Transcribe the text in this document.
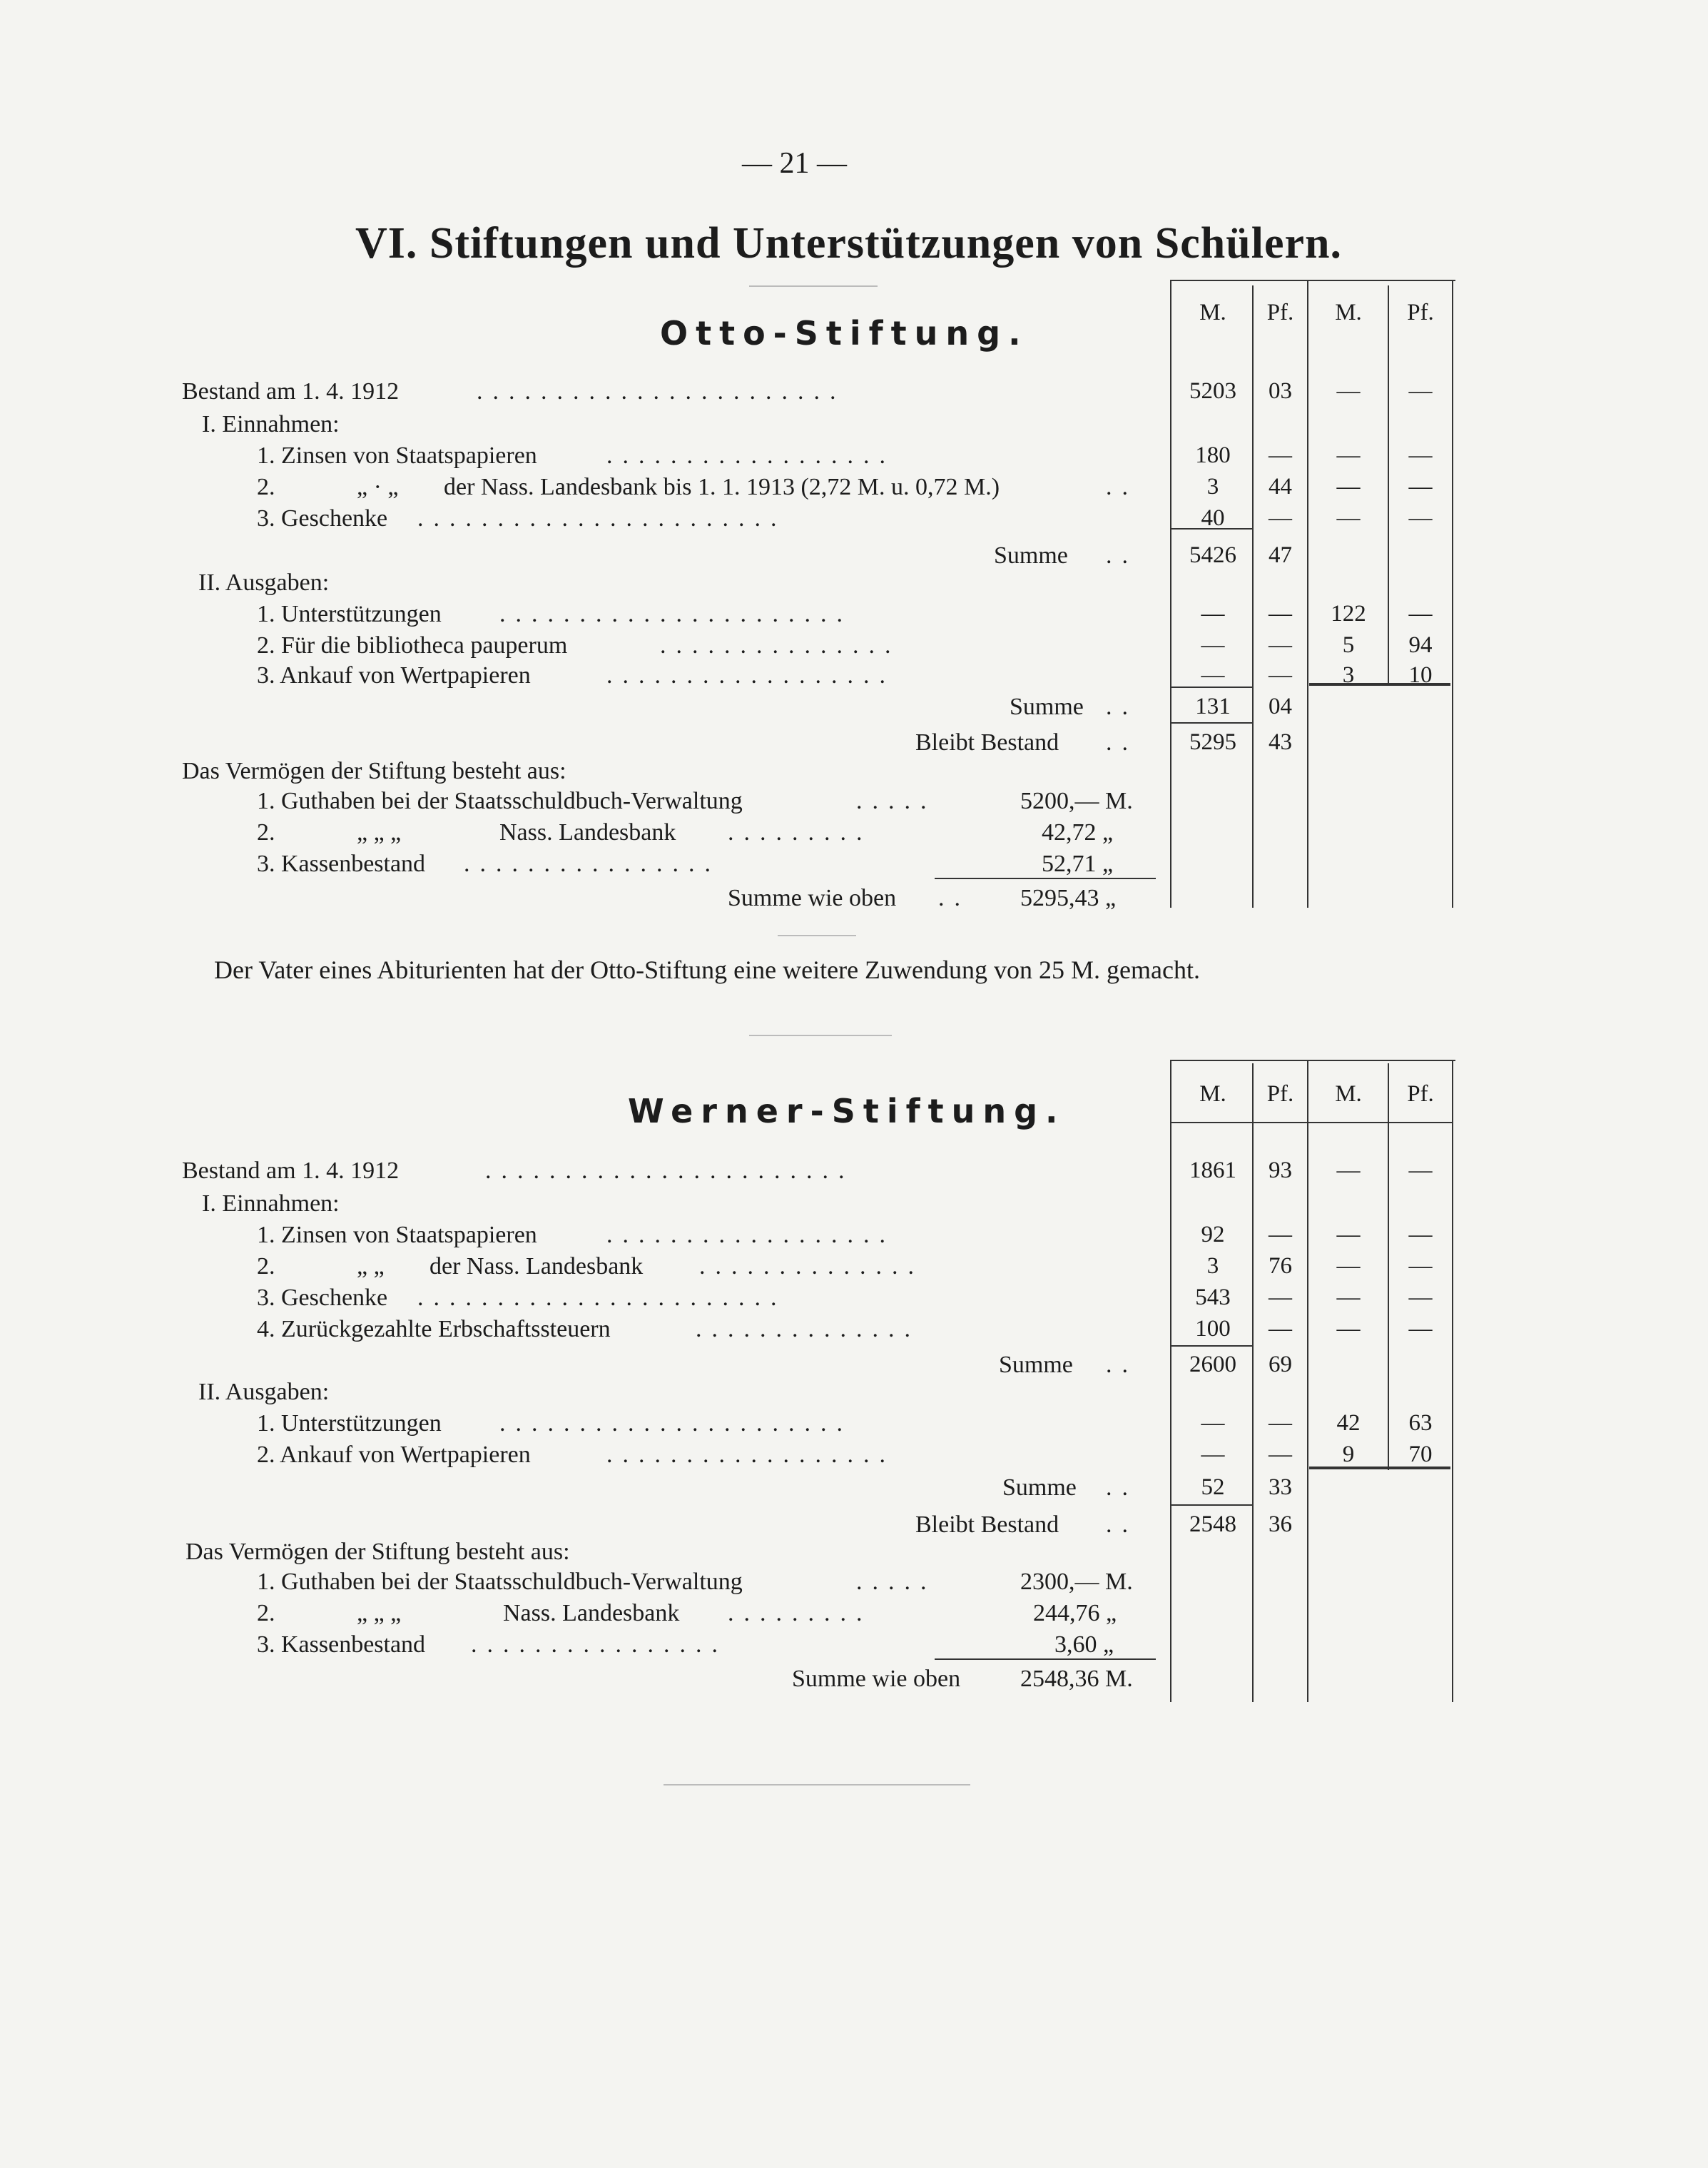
— 21 —
VI. Stiftungen und Unterstützungen von Schülern.
Otto-Stiftung.
M.	Pf.	M.	Pf.
Bestand am 1. 4. 1912	.......................	5203	03	—	—
I. Einnahmen:
1. Zinsen von Staatspapieren	..................	180	—	—	—
2.	„ · „ der Nass. Landesbank bis 1. 1. 1913 (2,72 M. u. 0,72 M.)	..	3	44	—	—
3. Geschenke .......................	40	—	—	—
Summe ..	5426	47
II. Ausgaben:
1. Unterstützungen ......................	—	—	122	—
2. Für die bibliotheca pauperum	...............	—	—	5	94
3. Ankauf von Wertpapieren	..................	—	—	3	10
Summe ..	131	04
Bleibt Bestand ..	5295	43
Das Vermögen der Stiftung besteht aus:
1. Guthaben bei der Staatsschuldbuch-Verwaltung	.....	5200,— M.
2.	„ „ „	Nass. Landesbank .........	42,72 „
3. Kassenbestand ................	52,71 „
Summe wie oben .. 5295,43 „
Der Vater eines Abiturienten hat der Otto-Stiftung eine weitere Zuwendung von 25 M. gemacht.
Werner-Stiftung.	M.	Pf.	M.	Pf.
Bestand am 1. 4. 1912	.......................	1861	93	—	—
I. Einnahmen:
1. Zinsen von Staatspapieren	..................	92	—	—	—
2.	„ „ der Nass. Landesbank ..............	3	76	—	—
3. Geschenke .......................	543	—	—	—
4. Zurückgezahlte Erbschaftssteuern	..............	100	—	—	—
Summe ..	2600	69
II. Ausgaben:
1. Unterstützungen ......................	—	—	42	63
2. Ankauf von Wertpapieren	..................	—	—	9	70
Summe ..	52	33
Bleibt Bestand ..	2548	36
Das Vermögen der Stiftung besteht aus:
1. Guthaben bei der Staatsschuldbuch-Verwaltung	.....	2300,— M.
2.	„ „ „	Nass. Landesbank .........	244,76 „
3. Kassenbestand ................	3,60 „
Summe wie oben 2548,36 M.
